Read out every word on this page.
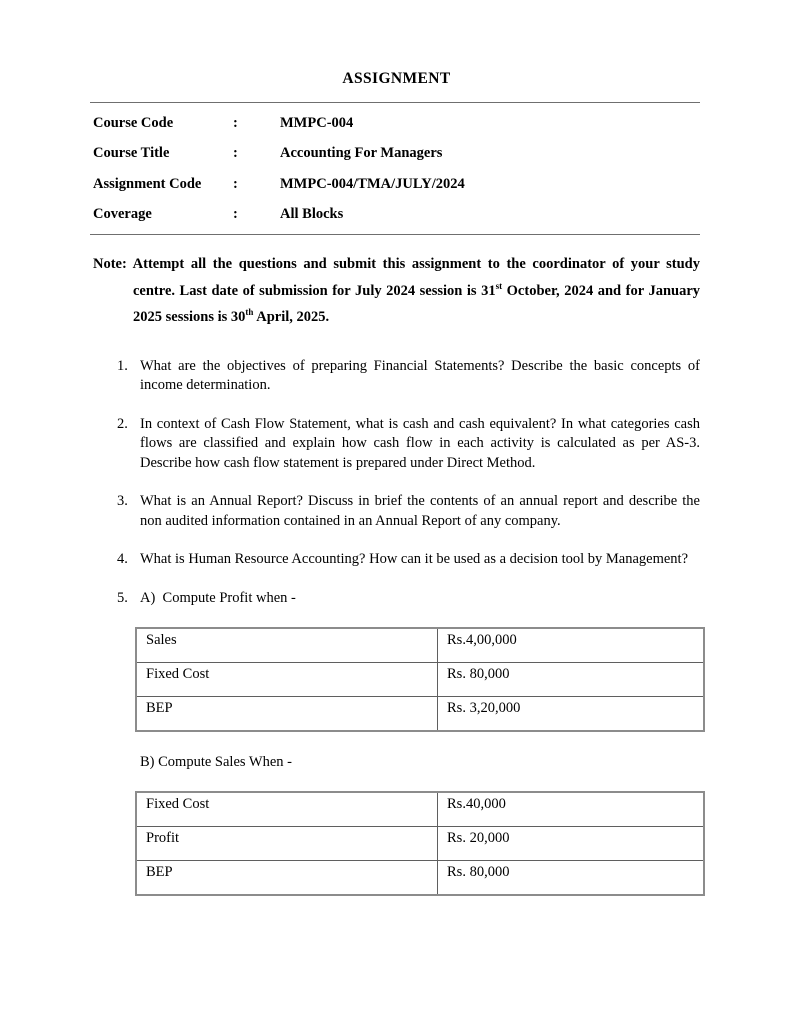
ASSIGNMENT
Course Code	:	MMPC-004
Course Title	:	Accounting For Managers
Assignment Code	:	MMPC-004/TMA/JULY/2024
Coverage	:	All Blocks

Note: Attempt all the questions and submit this assignment to the coordinator of your study centre. Last date of submission for July 2024 session is 31st October, 2024 and for January 2025 sessions is 30th April, 2025.

1. What are the objectives of preparing Financial Statements? Describe the basic concepts of income determination.
2. In context of Cash Flow Statement, what is cash and cash equivalent? In what categories cash flows are classified and explain how cash flow in each activity is calculated as per AS-3. Describe how cash flow statement is prepared under Direct Method.
3. What is an Annual Report? Discuss in brief the contents of an annual report and describe the non audited information contained in an Annual Report of any company.
4. What is Human Resource Accounting? How can it be used as a decision tool by Management?
5. A)  Compute Profit when -
Sales	Rs.4,00,000
Fixed Cost	Rs. 80,000
BEP	Rs. 3,20,000

B) Compute Sales When -

Fixed Cost	Rs.40,000
Profit	Rs. 20,000
BEP	Rs. 80,000
